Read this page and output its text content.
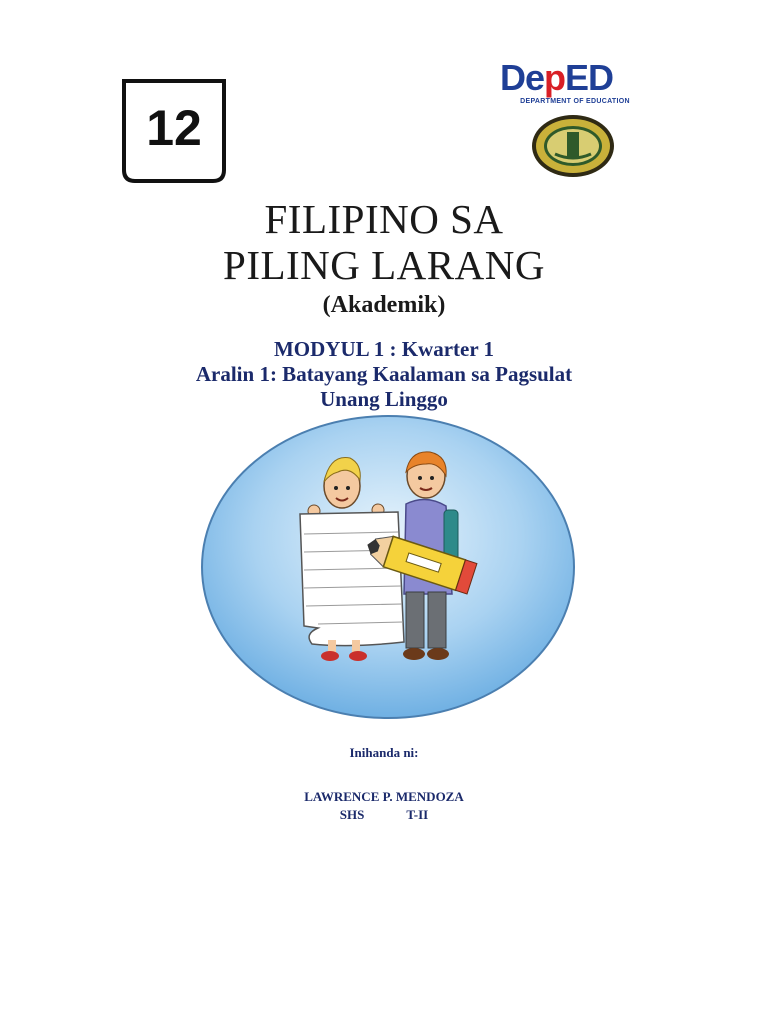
12
DepED
DEPARTMENT OF EDUCATION
FILIPINO SA
PILING LARANG
(Akademik)
MODYUL 1 : Kwarter 1
Aralin 1: Batayang Kaalaman sa Pagsulat
Unang Linggo
Inihanda ni:
LAWRENCE P. MENDOZA
SHS	T-II
